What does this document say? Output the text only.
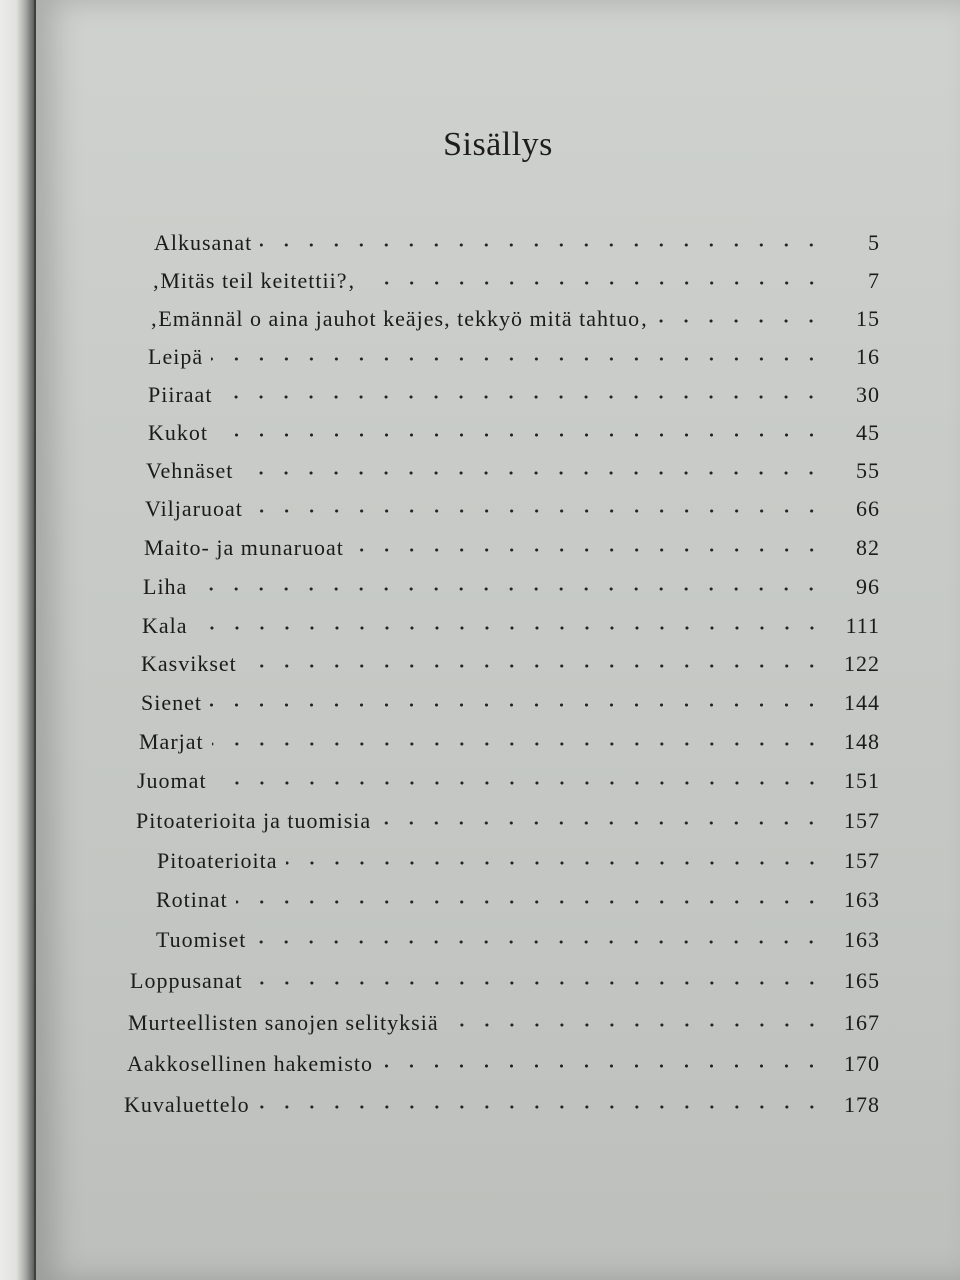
Sisällys
Alkusanat	5
‚Mitäs teil keitettii?‚	7
‚Emännäl o aina jauhot keäjes, tekkyö mitä tahtuo‚	15
Leipä	16
Piiraat	30
Kukot	45
Vehnäset	55
Viljaruoat	66
Maito- ja munaruoat	82
Liha	96
Kala	111
Kasvikset	122
Sienet	144
Marjat	148
Juomat	151
Pitoaterioita ja tuomisia	157
Pitoaterioita	157
Rotinat	163
Tuomiset	163
Loppusanat	165
Murteellisten sanojen selityksiä	167
Aakkosellinen hakemisto	170
Kuvaluettelo	178
